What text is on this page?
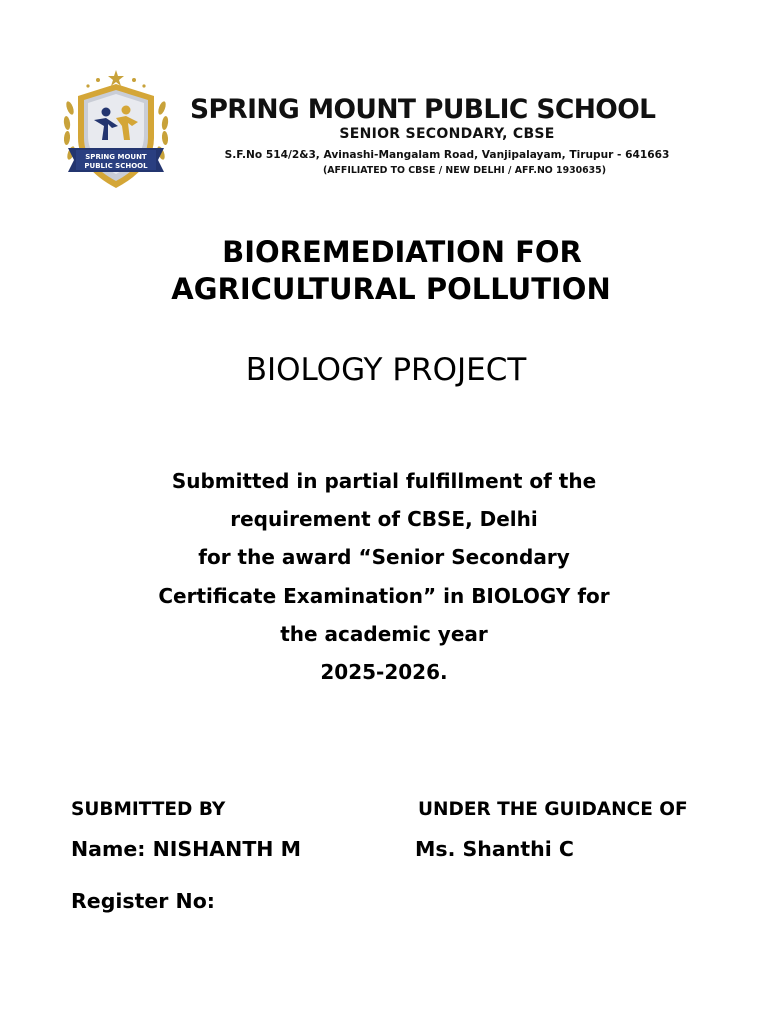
SPRING MOUNT
PUBLIC SCHOOL
SPRING MOUNT PUBLIC SCHOOL
SENIOR SECONDARY, CBSE
S.F.No 514/2&3, Avinashi-Mangalam Road, Vanjipalayam, Tirupur - 641663
(AFFILIATED TO CBSE / NEW DELHI / AFF.NO 1930635)
BIOREMEDIATION FOR
AGRICULTURAL POLLUTION
BIOLOGY PROJECT
Submitted in partial fulfillment of the
requirement of CBSE, Delhi
for the award “Senior Secondary
Certificate Examination” in BIOLOGY for
the academic year
2025-2026.
SUBMITTED BY	UNDER THE GUIDANCE OF
Name: NISHANTH M	Ms. Shanthi C
Register No:
